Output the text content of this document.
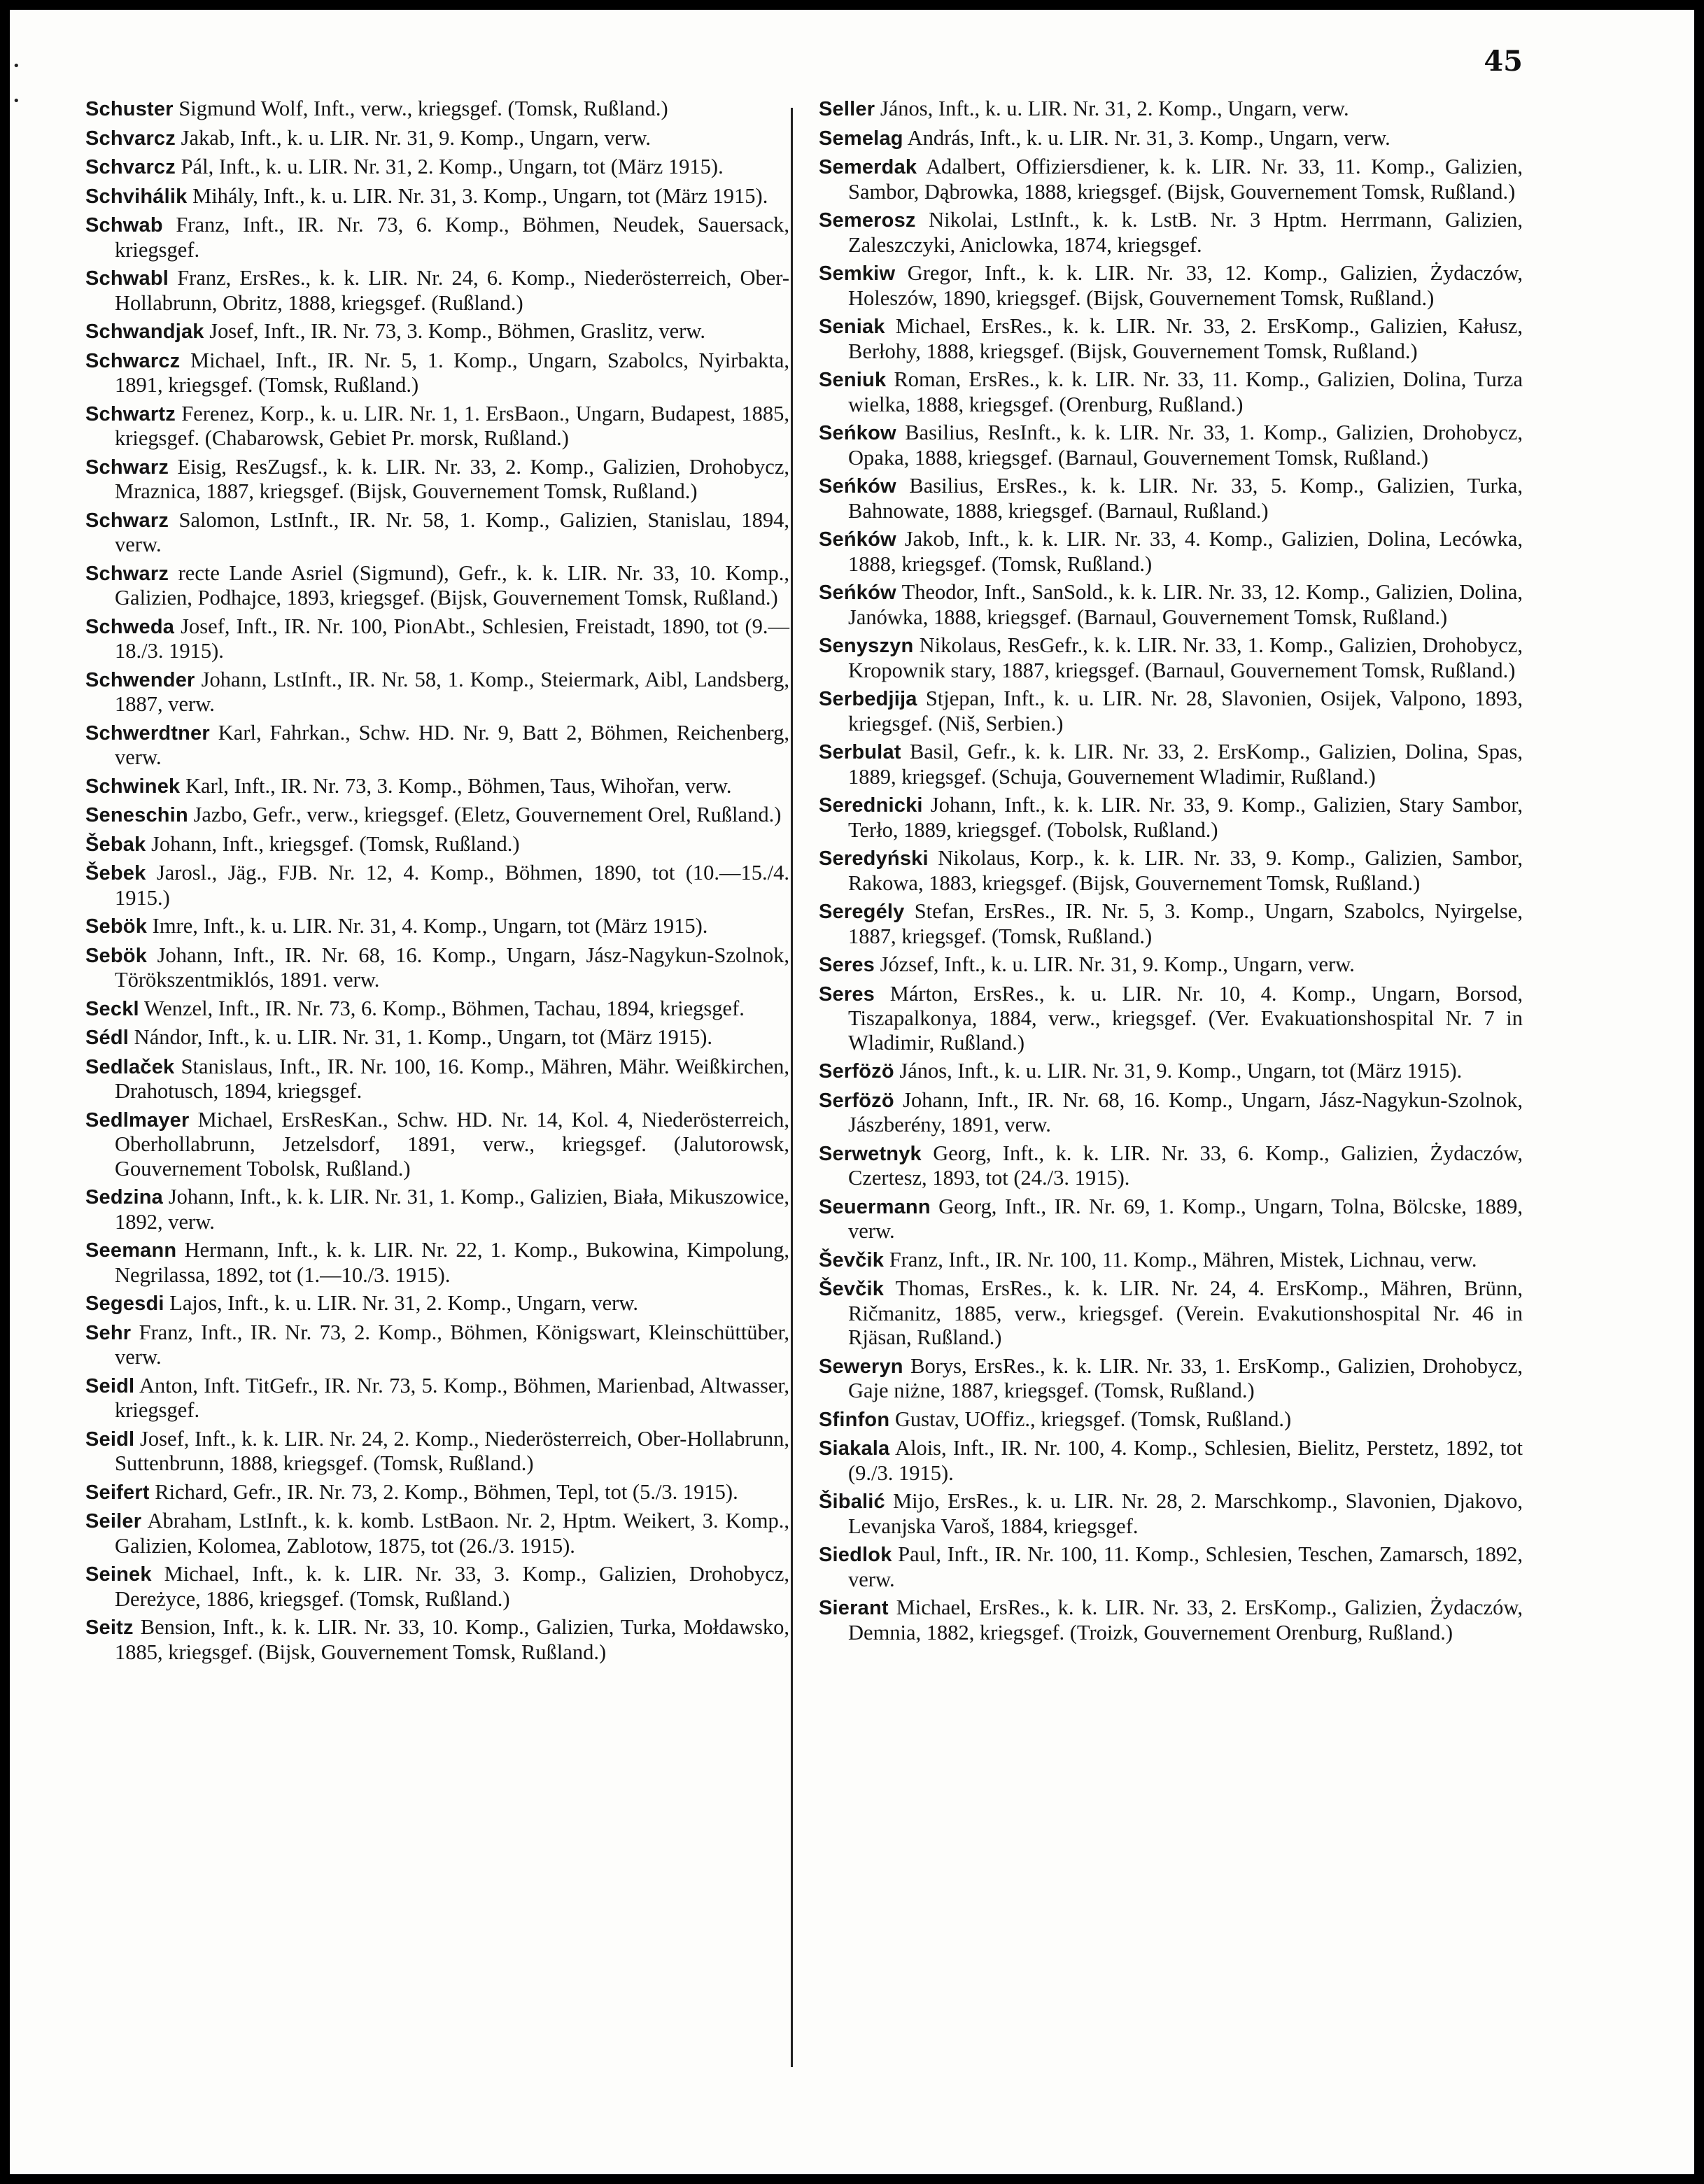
45
•
•	Schuster Sigmund Wolf, Inft., verw., kriegsgef. (Tomsk, Rußland.)

Schvarcz Jakab, Inft., k. u. LIR. Nr. 31, 9. Komp., Ungarn, verw.

Schvarcz Pál, Inft., k. u. LIR. Nr. 31, 2. Komp., Ungarn, tot (März 1915).

Schvihálik Mihály, Inft., k. u. LIR. Nr. 31, 3. Komp., Ungarn, tot (März 1915).

Schwab Franz, Inft., IR. Nr. 73, 6. Komp., Böhmen, Neudek, Sauersack, kriegsgef.

Schwabl Franz, ErsRes., k. k. LIR. Nr. 24, 6. Komp., Niederösterreich, Ober-Hollabrunn, Obritz, 1888, kriegsgef. (Rußland.)

Schwandjak Josef, Inft., IR. Nr. 73, 3. Komp., Böhmen, Graslitz, verw.

Schwarcz Michael, Inft., IR. Nr. 5, 1. Komp., Ungarn, Szabolcs, Nyirbakta, 1891, kriegsgef. (Tomsk, Rußland.)

Schwartz Ferenez, Korp., k. u. LIR. Nr. 1, 1. ErsBaon., Ungarn, Budapest, 1885, kriegsgef. (Chabarowsk, Gebiet Pr. morsk, Rußland.)

Schwarz Eisig, ResZugsf., k. k. LIR. Nr. 33, 2. Komp., Galizien, Drohobycz, Mraznica, 1887, kriegsgef. (Bijsk, Gouvernement Tomsk, Rußland.)

Schwarz Salomon, LstInft., IR. Nr. 58, 1. Komp., Galizien, Stanislau, 1894, verw.

Schwarz recte Lande Asriel (Sigmund), Gefr., k. k. LIR. Nr. 33, 10. Komp., Galizien, Podhajce, 1893, kriegsgef. (Bijsk, Gouvernement Tomsk, Rußland.)

Schweda Josef, Inft., IR. Nr. 100, PionAbt., Schlesien, Freistadt, 1890, tot (9.—18./3. 1915).

Schwender Johann, LstInft., IR. Nr. 58, 1. Komp., Steiermark, Aibl, Landsberg, 1887, verw.

Schwerdtner Karl, Fahrkan., Schw. HD. Nr. 9, Batt 2, Böhmen, Reichenberg, verw.

Schwinek Karl, Inft., IR. Nr. 73, 3. Komp., Böhmen, Taus, Wihořan, verw.

Seneschin Jazbo, Gefr., verw., kriegsgef. (Eletz, Gouvernement Orel, Rußland.)

Šebak Johann, Inft., kriegsgef. (Tomsk, Rußland.)

Šebek Jarosl., Jäg., FJB. Nr. 12, 4. Komp., Böhmen, 1890, tot (10.—15./4. 1915.)

Sebök Imre, Inft., k. u. LIR. Nr. 31, 4. Komp., Ungarn, tot (März 1915).

Sebök Johann, Inft., IR. Nr. 68, 16. Komp., Ungarn, Jász-Nagykun-Szolnok, Törökszentmiklós, 1891. verw.

Seckl Wenzel, Inft., IR. Nr. 73, 6. Komp., Böhmen, Tachau, 1894, kriegsgef.

Sédl Nándor, Inft., k. u. LIR. Nr. 31, 1. Komp., Ungarn, tot (März 1915).

Sedlaček Stanislaus, Inft., IR. Nr. 100, 16. Komp., Mähren, Mähr. Weißkirchen, Drahotusch, 1894, kriegsgef.

Sedlmayer Michael, ErsResKan., Schw. HD. Nr. 14, Kol. 4, Niederösterreich, Oberhollabrunn, Jetzelsdorf, 1891, verw., kriegsgef. (Jalutorowsk, Gouvernement Tobolsk, Rußland.)

Sedzina Johann, Inft., k. k. LIR. Nr. 31, 1. Komp., Galizien, Biała, Mikuszowice, 1892, verw.

Seemann Hermann, Inft., k. k. LIR. Nr. 22, 1. Komp., Bukowina, Kimpolung, Negrilassa, 1892, tot (1.—10./3. 1915).

Segesdi Lajos, Inft., k. u. LIR. Nr. 31, 2. Komp., Ungarn, verw.

Sehr Franz, Inft., IR. Nr. 73, 2. Komp., Böhmen, Königswart, Kleinschüttüber, verw.

Seidl Anton, Inft. TitGefr., IR. Nr. 73, 5. Komp., Böhmen, Marienbad, Altwasser, kriegsgef.

Seidl Josef, Inft., k. k. LIR. Nr. 24, 2. Komp., Niederösterreich, Ober-Hollabrunn, Suttenbrunn, 1888, kriegsgef. (Tomsk, Rußland.)

Seifert Richard, Gefr., IR. Nr. 73, 2. Komp., Böhmen, Tepl, tot (5./3. 1915).

Seiler Abraham, LstInft., k. k. komb. LstBaon. Nr. 2, Hptm. Weikert, 3. Komp., Galizien, Kolomea, Zablotow, 1875, tot (26./3. 1915).

Seinek Michael, Inft., k. k. LIR. Nr. 33, 3. Komp., Galizien, Drohobycz, Dereżyce, 1886, kriegsgef. (Tomsk, Rußland.)

Seitz Bension, Inft., k. k. LIR. Nr. 33, 10. Komp., Galizien, Turka, Mołdawsko, 1885, kriegsgef. (Bijsk, Gouvernement Tomsk, Rußland.)

Seller János, Inft., k. u. LIR. Nr. 31, 2. Komp., Ungarn, verw.

Semelag András, Inft., k. u. LIR. Nr. 31, 3. Komp., Ungarn, verw.

Semerdak Adalbert, Offiziersdiener, k. k. LIR. Nr. 33, 11. Komp., Galizien, Sambor, Dąbrowka, 1888, kriegsgef. (Bijsk, Gouvernement Tomsk, Rußland.)

Semerosz Nikolai, LstInft., k. k. LstB. Nr. 3 Hptm. Herrmann, Galizien, Zaleszczyki, Aniclowka, 1874, kriegsgef.

Semkiw Gregor, Inft., k. k. LIR. Nr. 33, 12. Komp., Galizien, Żydaczów, Holeszów, 1890, kriegsgef. (Bijsk, Gouvernement Tomsk, Rußland.)

Seniak Michael, ErsRes., k. k. LIR. Nr. 33, 2. ErsKomp., Galizien, Kałusz, Berłohy, 1888, kriegsgef. (Bijsk, Gouvernement Tomsk, Rußland.)

Seniuk Roman, ErsRes., k. k. LIR. Nr. 33, 11. Komp., Galizien, Dolina, Turza wielka, 1888, kriegsgef. (Orenburg, Rußland.)

Seńkow Basilius, ResInft., k. k. LIR. Nr. 33, 1. Komp., Galizien, Drohobycz, Opaka, 1888, kriegsgef. (Barnaul, Gouvernement Tomsk, Rußland.)

Seńków Basilius, ErsRes., k. k. LIR. Nr. 33, 5. Komp., Galizien, Turka, Bahnowate, 1888, kriegsgef. (Barnaul, Rußland.)

Seńków Jakob, Inft., k. k. LIR. Nr. 33, 4. Komp., Galizien, Dolina, Lecówka, 1888, kriegsgef. (Tomsk, Rußland.)

Seńków Theodor, Inft., SanSold., k. k. LIR. Nr. 33, 12. Komp., Galizien, Dolina, Janówka, 1888, kriegsgef. (Barnaul, Gouvernement Tomsk, Rußland.)

Senyszyn Nikolaus, ResGefr., k. k. LIR. Nr. 33, 1. Komp., Galizien, Drohobycz, Kropownik stary, 1887, kriegsgef. (Barnaul, Gouvernement Tomsk, Rußland.)

Serbedjija Stjepan, Inft., k. u. LIR. Nr. 28, Slavonien, Osijek, Valpono, 1893, kriegsgef. (Niš, Serbien.)

Serbulat Basil, Gefr., k. k. LIR. Nr. 33, 2. ErsKomp., Galizien, Dolina, Spas, 1889, kriegsgef. (Schuja, Gouvernement Wladimir, Rußland.)

Serednicki Johann, Inft., k. k. LIR. Nr. 33, 9. Komp., Galizien, Stary Sambor, Terło, 1889, kriegsgef. (Tobolsk, Rußland.)

Seredyński Nikolaus, Korp., k. k. LIR. Nr. 33, 9. Komp., Galizien, Sambor, Rakowa, 1883, kriegsgef. (Bijsk, Gouvernement Tomsk, Rußland.)

Seregély Stefan, ErsRes., IR. Nr. 5, 3. Komp., Ungarn, Szabolcs, Nyirgelse, 1887, kriegsgef. (Tomsk, Rußland.)

Seres József, Inft., k. u. LIR. Nr. 31, 9. Komp., Ungarn, verw.

Seres Márton, ErsRes., k. u. LIR. Nr. 10, 4. Komp., Ungarn, Borsod, Tiszapalkonya, 1884, verw., kriegsgef. (Ver. Evakuationshospital Nr. 7 in Wladimir, Rußland.)

Serfözö János, Inft., k. u. LIR. Nr. 31, 9. Komp., Ungarn, tot (März 1915).

Serfözö Johann, Inft., IR. Nr. 68, 16. Komp., Ungarn, Jász-Nagykun-Szolnok, Jászberény, 1891, verw.

Serwetnyk Georg, Inft., k. k. LIR. Nr. 33, 6. Komp., Galizien, Żydaczów, Czertesz, 1893, tot (24./3. 1915).

Seuermann Georg, Inft., IR. Nr. 69, 1. Komp., Ungarn, Tolna, Bölcske, 1889, verw.

Ševčik Franz, Inft., IR. Nr. 100, 11. Komp., Mähren, Mistek, Lichnau, verw.

Ševčik Thomas, ErsRes., k. k. LIR. Nr. 24, 4. ErsKomp., Mähren, Brünn, Ričmanitz, 1885, verw., kriegsgef. (Verein. Evakutionshospital Nr. 46 in Rjäsan, Rußland.)

Seweryn Borys, ErsRes., k. k. LIR. Nr. 33, 1. ErsKomp., Galizien, Drohobycz, Gaje niżne, 1887, kriegsgef. (Tomsk, Rußland.)

Sfinfon Gustav, UOffiz., kriegsgef. (Tomsk, Rußland.)

Siakala Alois, Inft., IR. Nr. 100, 4. Komp., Schlesien, Bielitz, Perstetz, 1892, tot (9./3. 1915).

Šibalić Mijo, ErsRes., k. u. LIR. Nr. 28, 2. Marschkomp., Slavonien, Djakovo, Levanjska Varoš, 1884, kriegsgef.

Siedlok Paul, Inft., IR. Nr. 100, 11. Komp., Schlesien, Teschen, Zamarsch, 1892, verw.

Sierant Michael, ErsRes., k. k. LIR. Nr. 33, 2. ErsKomp., Galizien, Żydaczów, Demnia, 1882, kriegsgef. (Troizk, Gouvernement Orenburg, Rußland.)
